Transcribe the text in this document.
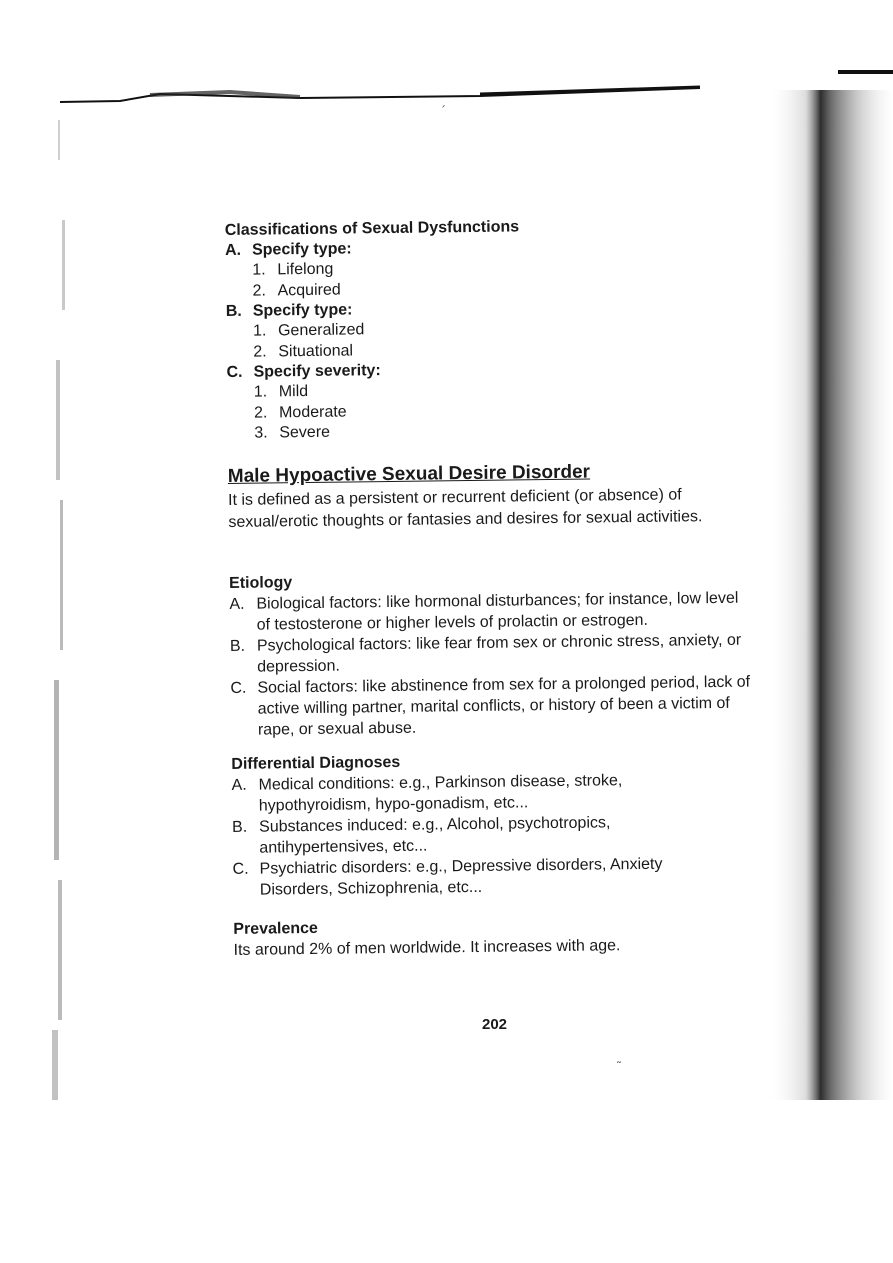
´
˜
Classifications of Sexual Dysfunctions
A. Specify type:
1. Lifelong
2. Acquired
B. Specify type:
1. Generalized
2. Situational
C. Specify severity:
1. Mild
2. Moderate
3. Severe
Male Hypoactive Sexual Desire Disorder

It is defined as a persistent or recurrent deficient (or absence) of sexual/erotic thoughts or fantasies and desires for sexual activities.

Etiology
A. Biological factors: like hormonal disturbances; for instance, low level of testosterone or higher levels of prolactin or estrogen.
B. Psychological factors: like fear from sex or chronic stress, anxiety, or depression.
C. Social factors: like abstinence from sex for a prolonged period, lack of active willing partner, marital conflicts, or history of been a victim of rape, or sexual abuse.
Differential Diagnoses
A. Medical conditions: e.g., Parkinson disease, stroke, hypothyroidism, hypo-gonadism, etc...
B. Substances induced: e.g., Alcohol, psychotropics, antihypertensives, etc...
C. Psychiatric disorders: e.g., Depressive disorders, Anxiety Disorders, Schizophrenia, etc...
Prevalence

Its around 2% of men worldwide. It increases with age.

202
